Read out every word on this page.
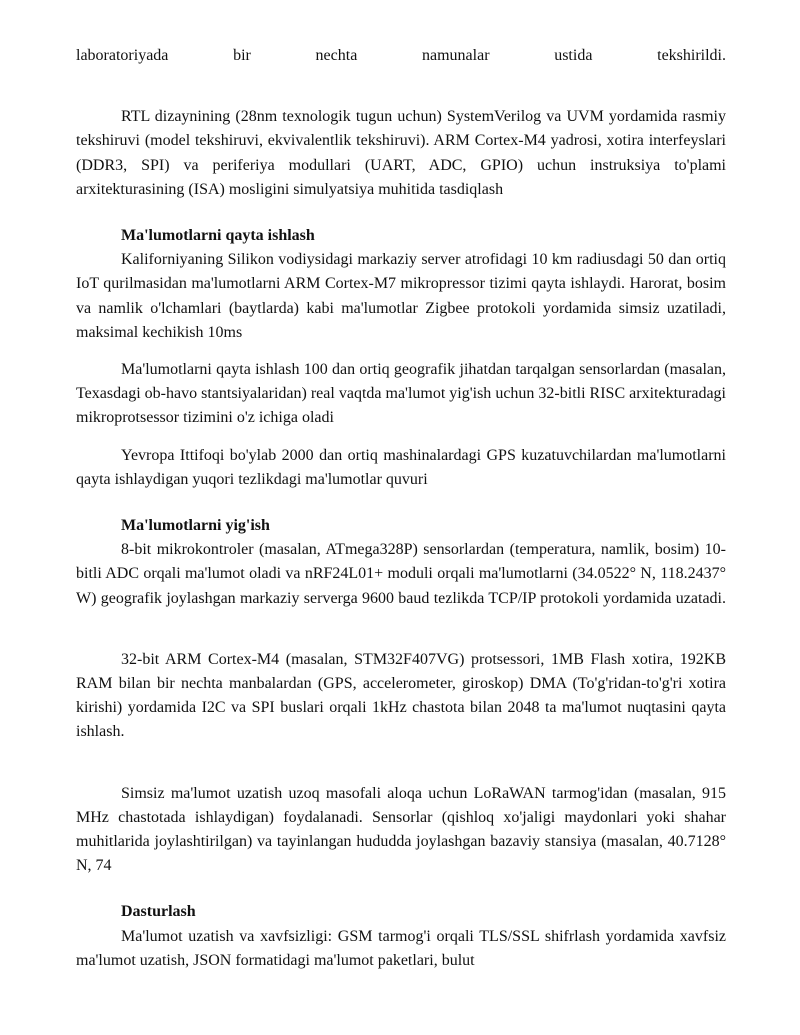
laboratoriyada bir nechta namunalar ustida tekshirildi.

RTL dizaynining (28nm texnologik tugun uchun) SystemVerilog va UVM yordamida rasmiy tekshiruvi (model tekshiruvi, ekvivalentlik tekshiruvi). ARM Cortex-M4 yadrosi, xotira interfeyslari (DDR3, SPI) va periferiya modullari (UART, ADC, GPIO) uchun instruksiya to'plami arxitekturasining (ISA) mosligini simulyatsiya muhitida tasdiqlash

Ma'lumotlarni qayta ishlash

Kaliforniyaning Silikon vodiysidagi markaziy server atrofidagi 10 km radiusdagi 50 dan ortiq IoT qurilmasidan ma'lumotlarni ARM Cortex-M7 mikropressor tizimi qayta ishlaydi. Harorat, bosim va namlik o'lchamlari (baytlarda) kabi ma'lumotlar Zigbee protokoli yordamida simsiz uzatiladi, maksimal kechikish 10ms

Ma'lumotlarni qayta ishlash 100 dan ortiq geografik jihatdan tarqalgan sensorlardan (masalan, Texasdagi ob-havo stantsiyalaridan) real vaqtda ma'lumot yig'ish uchun 32-bitli RISC arxitekturadagi mikroprotsessor tizimini o'z ichiga oladi

Yevropa Ittifoqi bo'ylab 2000 dan ortiq mashinalardagi GPS kuzatuvchilardan ma'lumotlarni qayta ishlaydigan yuqori tezlikdagi ma'lumotlar quvuri

Ma'lumotlarni yig'ish

8-bit mikrokontroler (masalan, ATmega328P) sensorlardan (temperatura, namlik, bosim) 10-bitli ADC orqali ma'lumot oladi va nRF24L01+ moduli orqali ma'lumotlarni (34.0522° N, 118.2437° W) geografik joylashgan markaziy serverga 9600 baud tezlikda TCP/IP protokoli yordamida uzatadi.

32-bit ARM Cortex-M4 (masalan, STM32F407VG) protsessori, 1MB Flash xotira, 192KB RAM bilan bir nechta manbalardan (GPS, accelerometer, giroskop) DMA (To'g'ridan-to'g'ri xotira kirishi) yordamida I2C va SPI buslari orqali 1kHz chastota bilan 2048 ta ma'lumot nuqtasini qayta ishlash.

Simsiz ma'lumot uzatish uzoq masofali aloqa uchun LoRaWAN tarmog'idan (masalan, 915 MHz chastotada ishlaydigan) foydalanadi. Sensorlar (qishloq xo'jaligi maydonlari yoki shahar muhitlarida joylashtirilgan) va tayinlangan hududda joylashgan bazaviy stansiya (masalan, 40.7128° N, 74

Dasturlash

Ma'lumot uzatish va xavfsizligi: GSM tarmog'i orqali TLS/SSL shifrlash yordamida xavfsiz ma'lumot uzatish, JSON formatidagi ma'lumot paketlari, bulut
